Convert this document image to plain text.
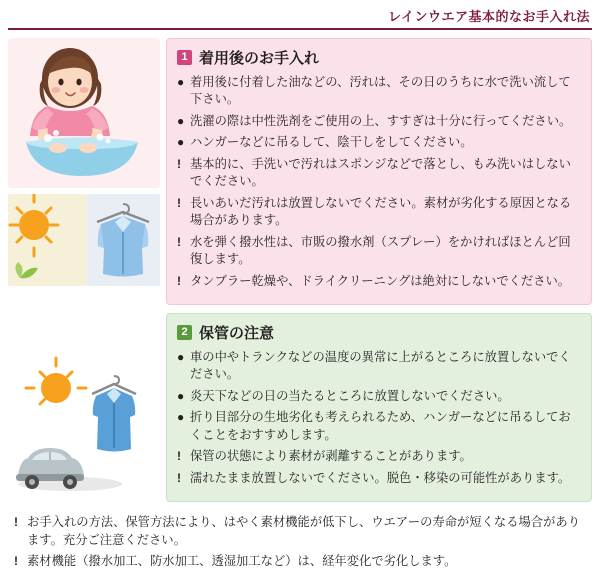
レインウエア基本的なお手入れ法
1 着用後のお手入れ
● 着用後に付着した油などの、汚れは、その日のうちに水で洗い流して下さい。
● 洗濯の際は中性洗剤をご使用の上、すすぎは十分に行ってください。
● ハンガーなどに吊るして、陰干しをしてください。
! 基本的に、手洗いで汚れはスポンジなどで落とし、もみ洗いはしないでください。
! 長いあいだ汚れは放置しないでください。素材が劣化する原因となる場合があります。
! 水を弾く撥水性は、市販の撥水剤（スプレー）をかければほとんど回復します。
! タンブラー乾燥や、ドライクリーニングは絶対にしないでください。
2 保管の注意
● 車の中やトランクなどの温度の異常に上がるところに放置しないでください。
● 炎天下などの日の当たるところに放置しないでください。
● 折り目部分の生地劣化も考えられるため、ハンガーなどに吊るしておくことをおすすめします。
! 保管の状態により素材が剥離することがあります。
! 濡れたまま放置しないでください。脱色・移染の可能性があります。
! お手入れの方法、保管方法により、はやく素材機能が低下し、ウエアーの寿命が短くなる場合があります。充分ご注意ください。
! 素材機能（撥水加工、防水加工、透湿加工など）は、経年変化で劣化します。
